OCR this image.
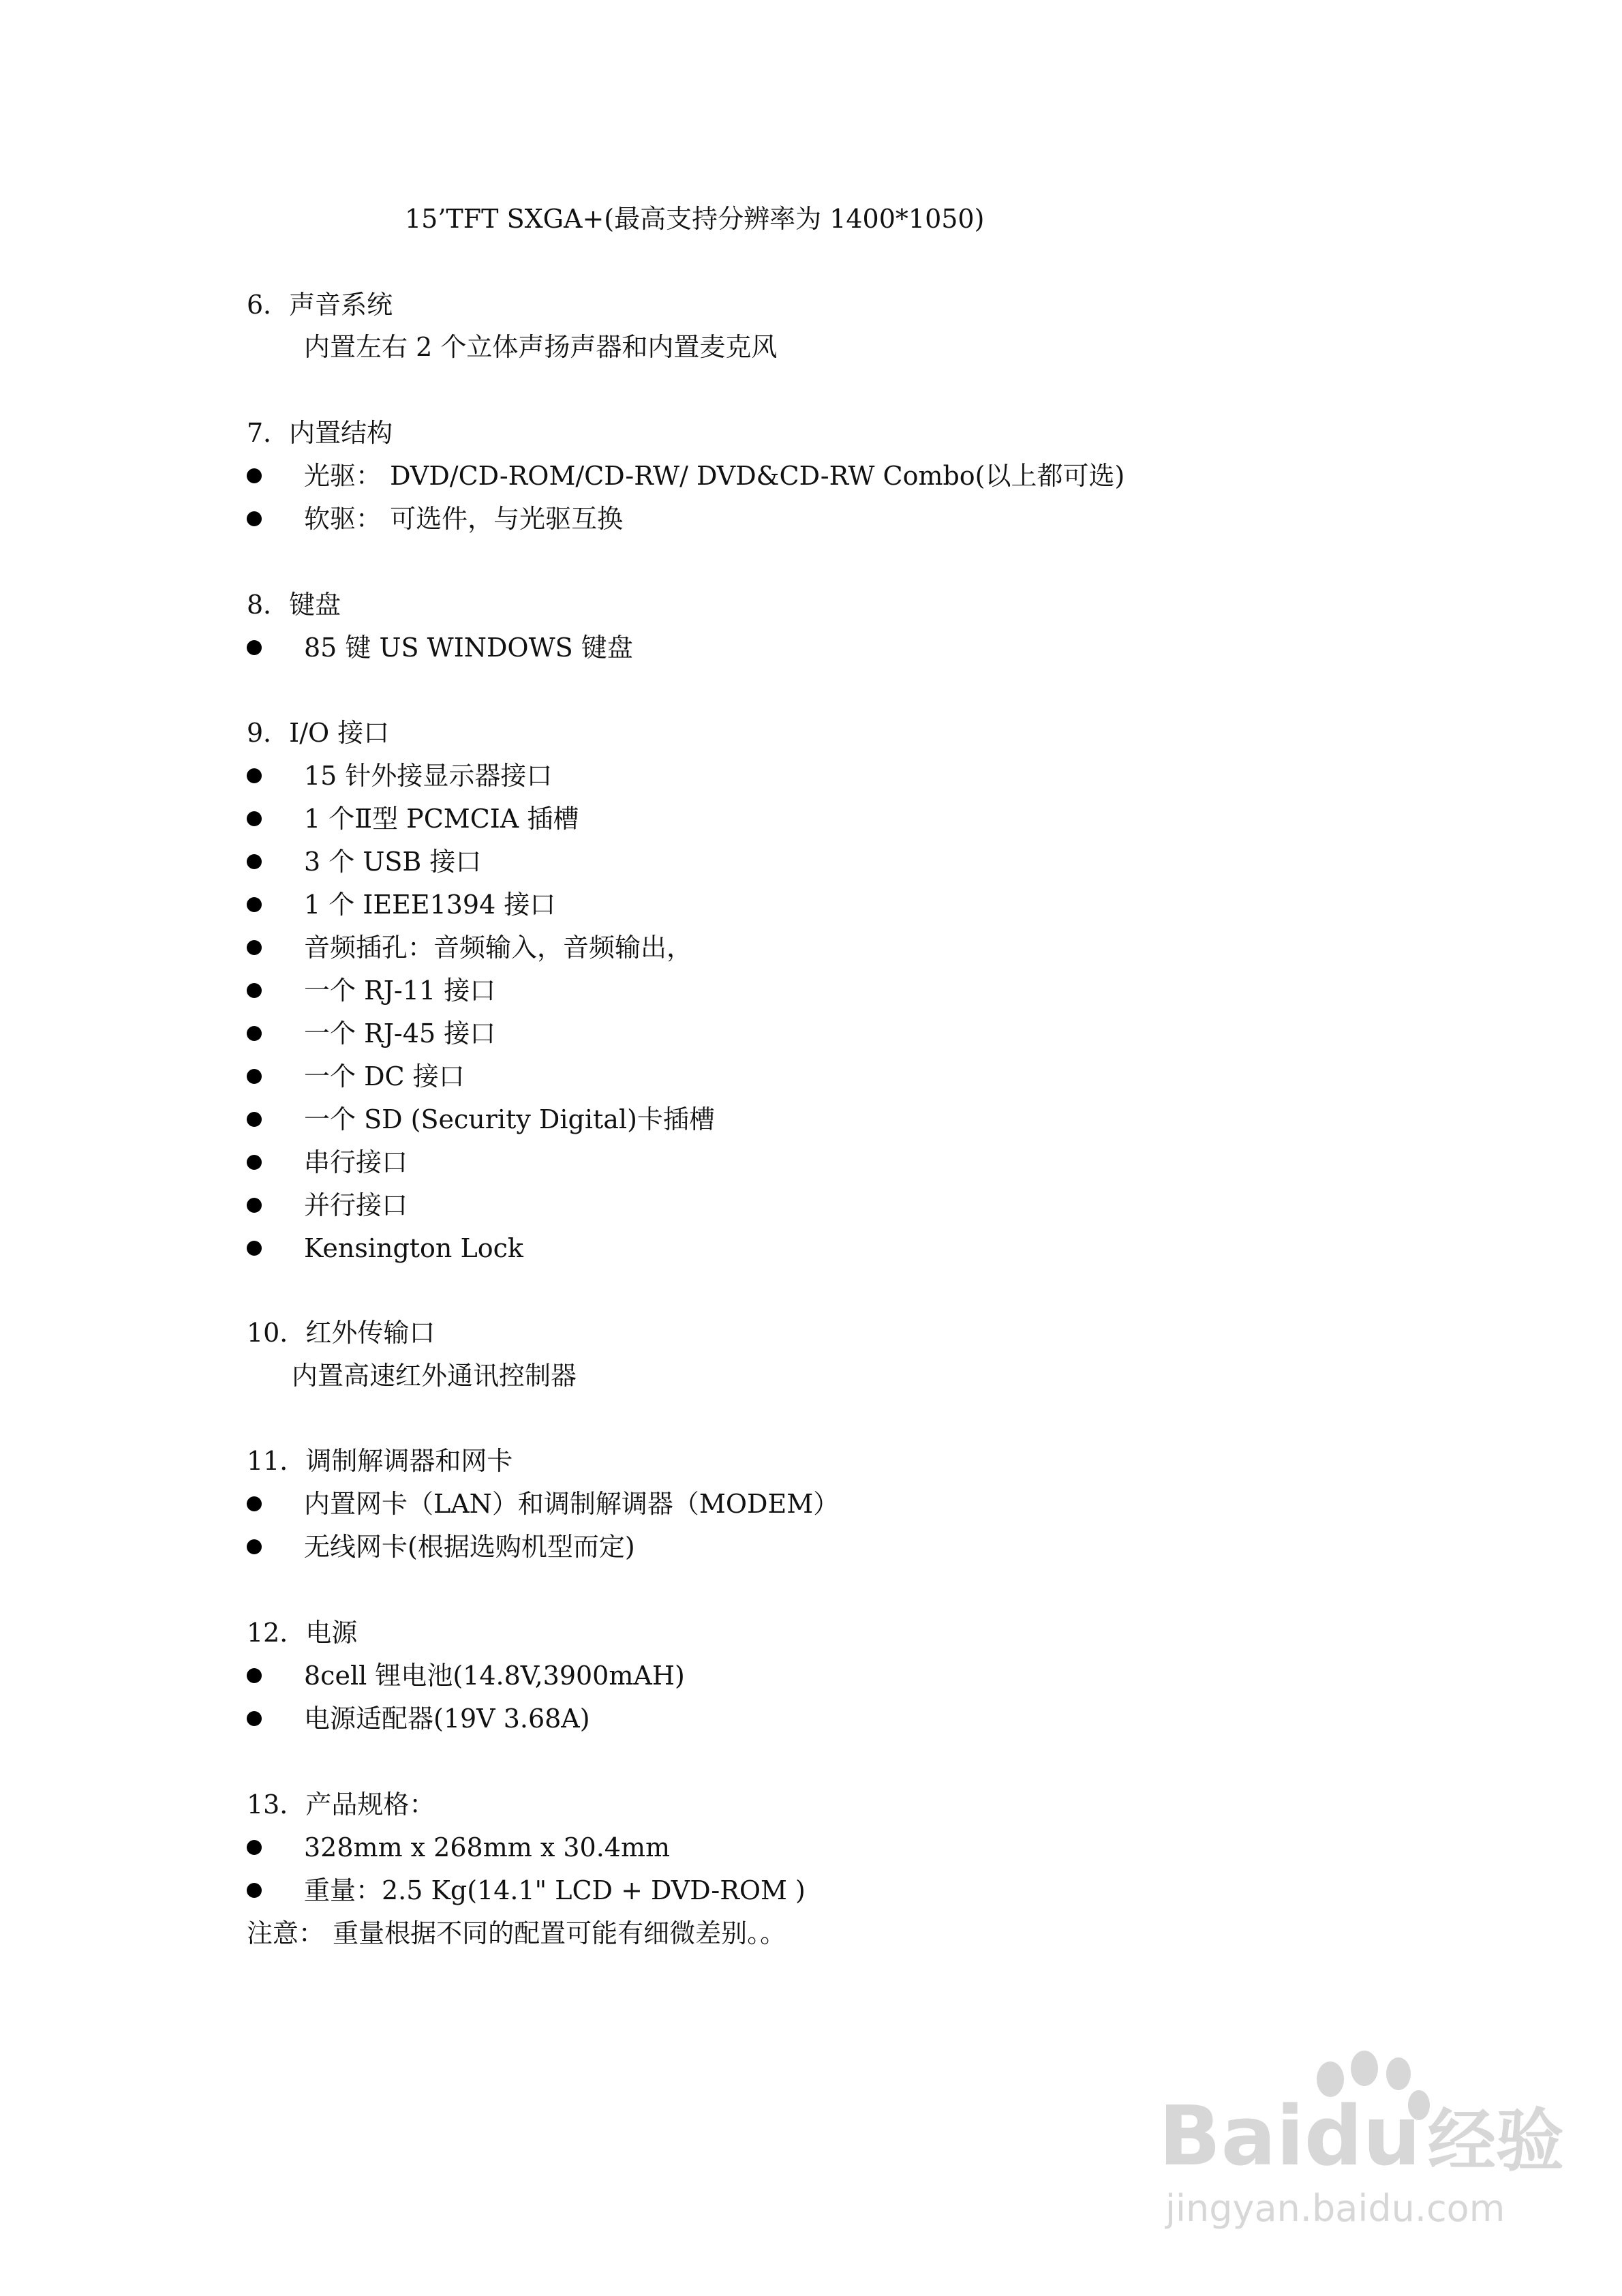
15’TFT SXGA+(最高支持分辨率为 1400*1050)
6．声音系统
内置左右 2 个立体声扬声器和内置麦克风
7．内置结构
光驱： DVD/CD-ROM/CD-RW/ DVD&CD-RW Combo(以上都可选)
软驱： 可选件，与光驱互换
8．键盘
85 键 US WINDOWS 键盘
9．I/O 接口
15 针外接显示器接口
1 个Ⅱ型 PCMCIA 插槽
3 个 USB 接口
1 个 IEEE1394 接口
音频插孔：音频输入，音频输出，
一个 RJ-11 接口
一个 RJ-45 接口
一个 DC 接口
一个 SD (Security Digital)卡插槽
串行接口
并行接口
Kensington Lock
10．红外传输口
内置高速红外通讯控制器
11．调制解调器和网卡
内置网卡（LAN）和调制解调器（MODEM）
无线网卡(根据选购机型而定)
12．电源
8cell 锂电池(14.8V,3900mAH)
电源适配器(19V 3.68A)
13．产品规格：
328mm x 268mm x 30.4mm
重量：2.5 Kg(14.1" LCD + DVD-ROM )
注意： 重量根据不同的配置可能有细微差别。。
Baidu 经验
jingyan.baidu.com
